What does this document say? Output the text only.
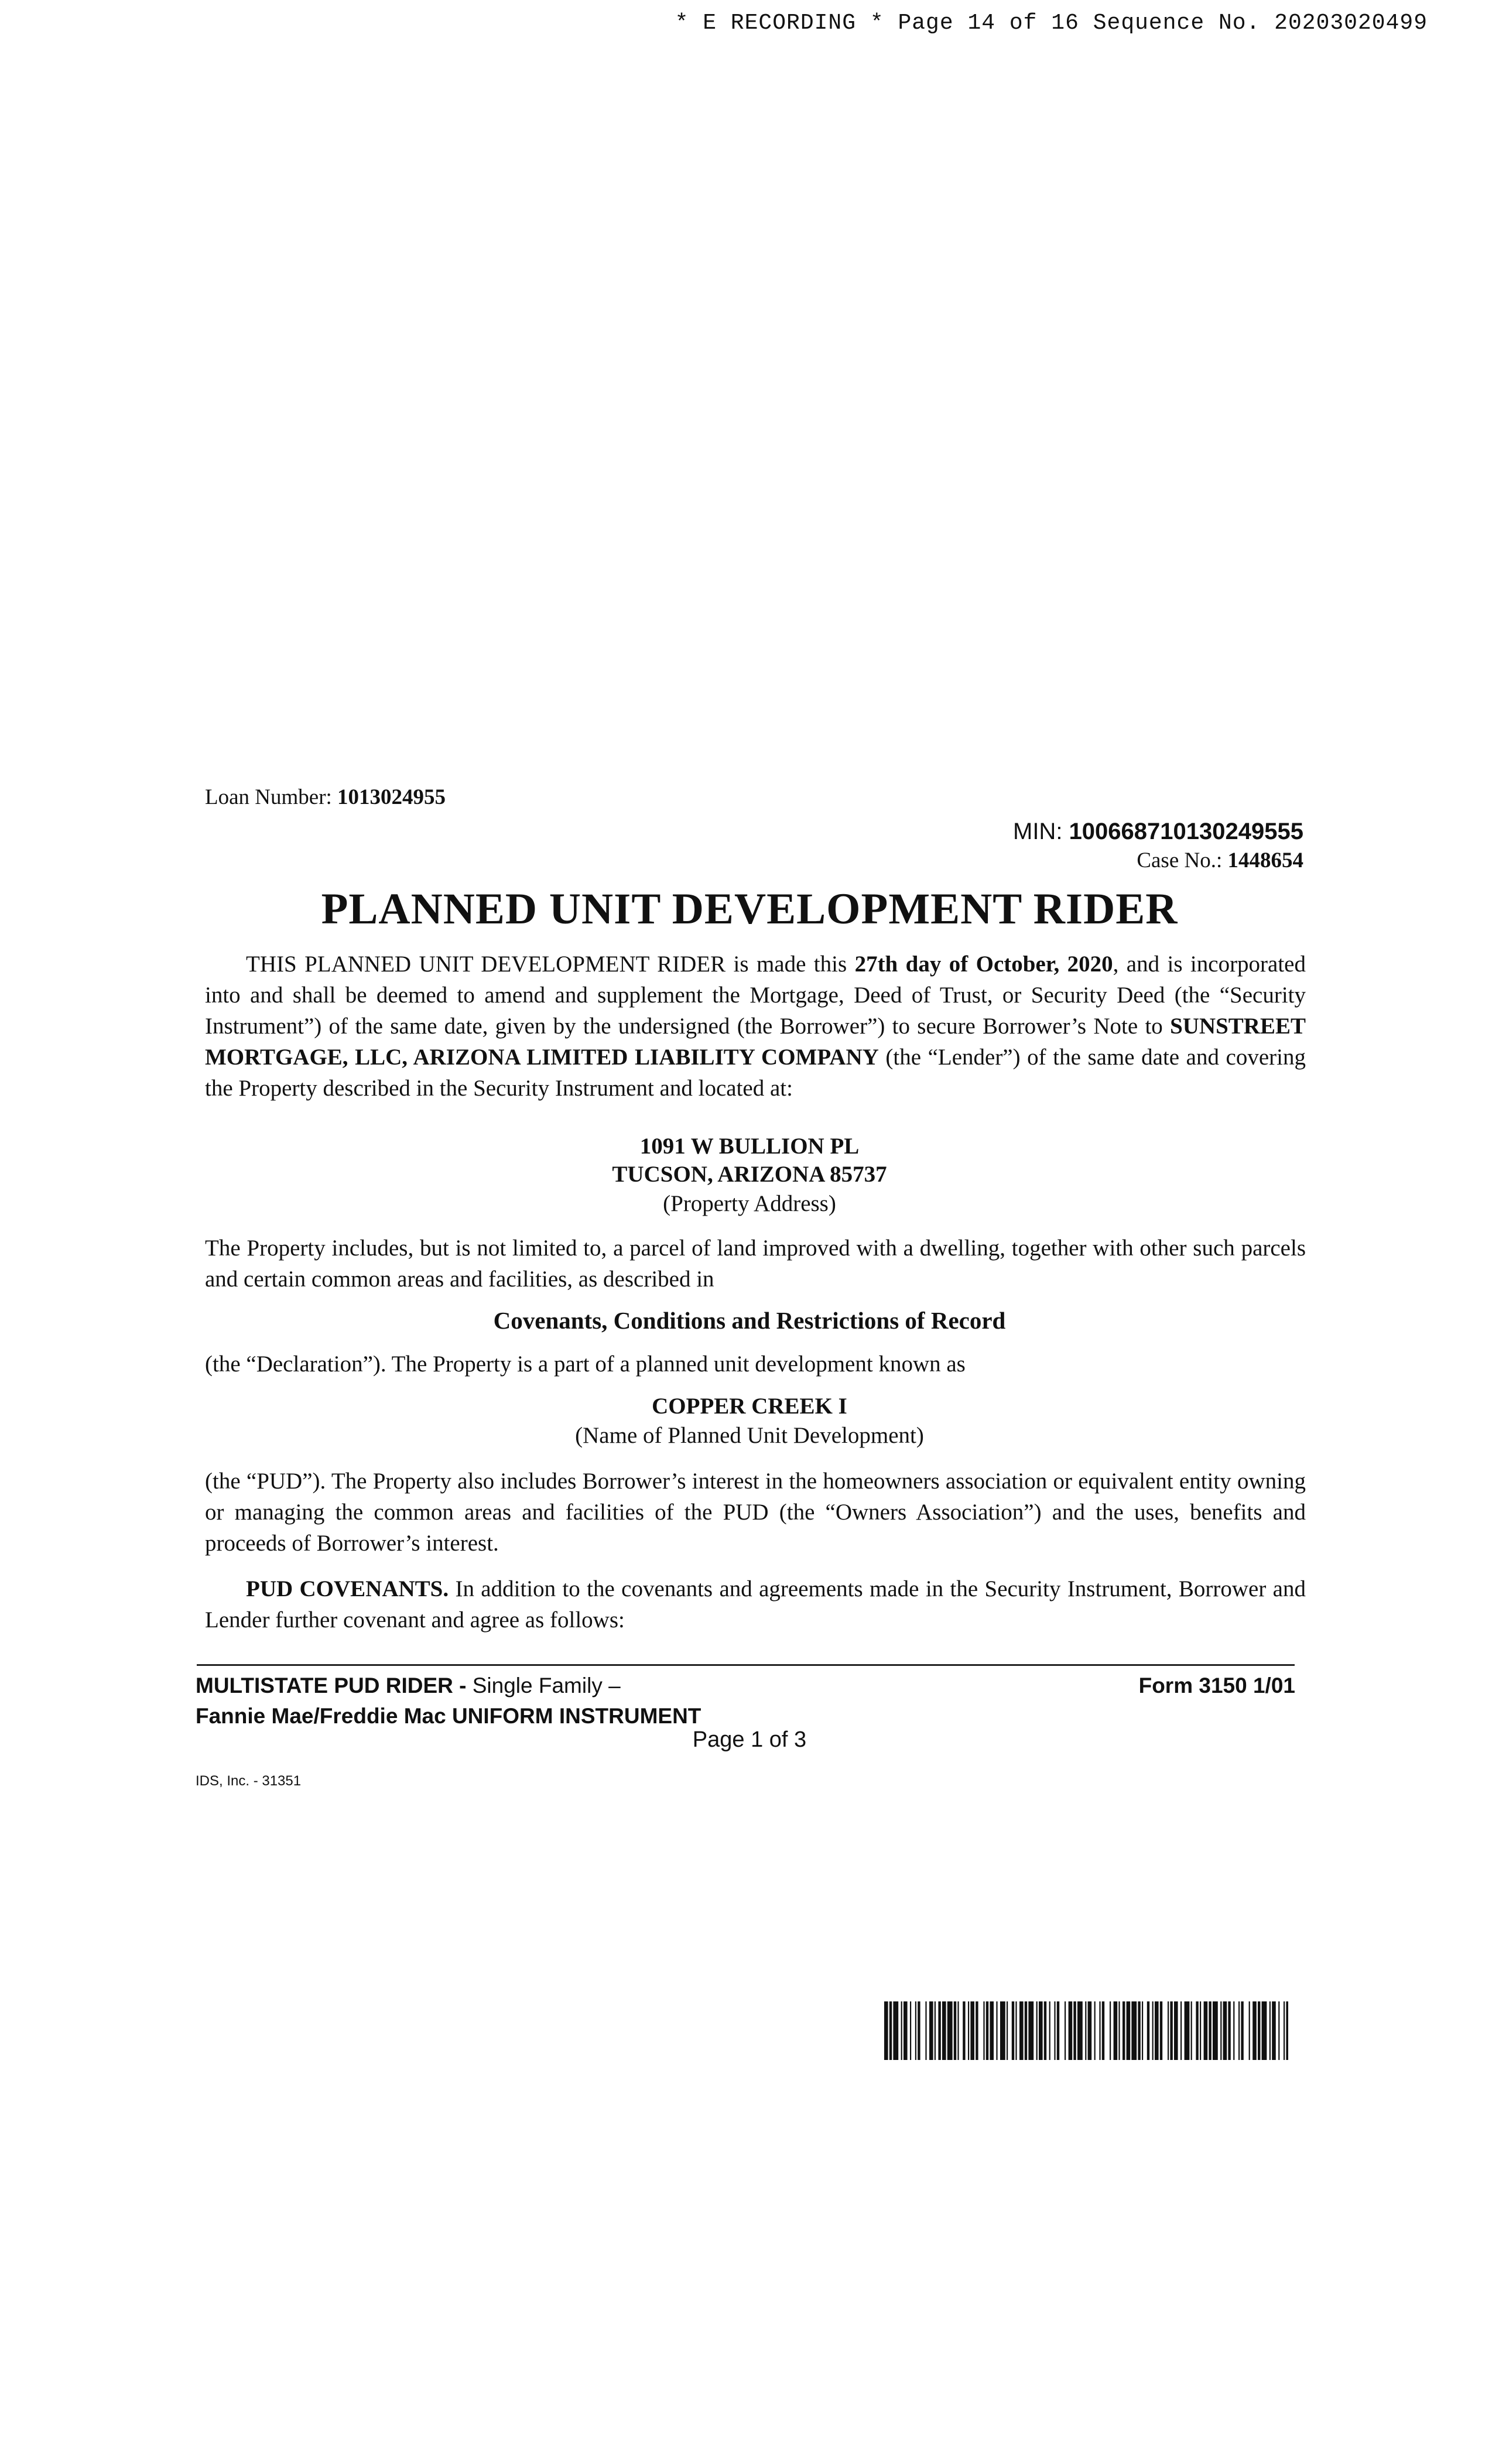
* E RECORDING * Page 14 of 16 Sequence No. 20203020499
Loan Number: 1013024955
MIN: 100668710130249555
Case No.: 1448654
PLANNED UNIT DEVELOPMENT RIDER
THIS PLANNED UNIT DEVELOPMENT RIDER is made this 27th day of October, 2020, and is incorporated into and shall be deemed to amend and supplement the Mortgage, Deed of Trust, or Security Deed (the “Security Instrument”) of the same date, given by the undersigned (the Borrower”) to secure Borrower’s Note to SUNSTREET MORTGAGE, LLC, ARIZONA LIMITED LIABILITY COMPANY (the “Lender”) of the same date and covering the Property described in the Security Instrument and located at:
1091 W BULLION PL
TUCSON, ARIZONA 85737
(Property Address)
The Property includes, but is not limited to, a parcel of land improved with a dwelling, together with other such parcels and certain common areas and facilities, as described in
Covenants, Conditions and Restrictions of Record
(the “Declaration”). The Property is a part of a planned unit development known as
COPPER CREEK I
(Name of Planned Unit Development)
(the “PUD”). The Property also includes Borrower’s interest in the homeowners association or equivalent entity owning or managing the common areas and facilities of the PUD (the “Owners Association”) and the uses, benefits and proceeds of Borrower’s interest.
PUD COVENANTS. In addition to the covenants and agreements made in the Security Instrument, Borrower and Lender further covenant and agree as follows:
MULTISTATE PUD RIDER - Single Family –
Fannie Mae/Freddie Mac UNIFORM INSTRUMENT
Form 3150 1/01
Page 1 of 3
IDS, Inc. - 31351
